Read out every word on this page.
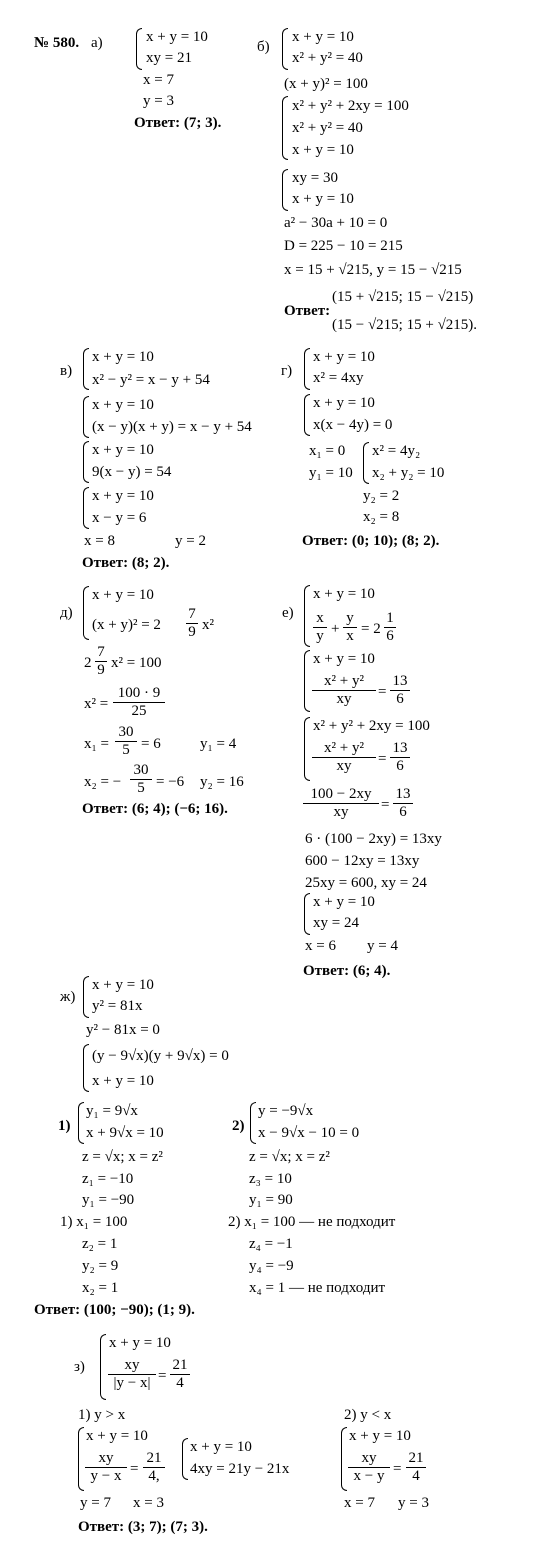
№ 580. а)	x + y = 10
xy = 21
x = 7
y = 3
Ответ: (7; 3).
б)
x + y = 10
x² + y² = 40
(x + y)² = 100
x² + y² + 2xy = 100
x² + y² = 40
x + y = 10
xy = 30
x + y = 10
a² − 30a + 10 = 0
D = 225 − 10 = 215
x = 15 + √215, y = 15 − √215
Ответ:
(15 + √215; 15 − √215)
(15 − √215; 15 + √215).
в)
x + y = 10
x² − y² = x − y + 54
x + y = 10
(x − y)(x + y) = x − y + 54
x + y = 10
9(x − y) = 54
x + y = 10
x − y = 6
x = 8	y = 2
Ответ: (8; 2).
г)
x + y = 10
x² = 4xy
x + y = 10
x(x − 4y) = 0
x₁ = 0
y₁ = 10
x² = 4y₂
x₂ + y₂ = 10
y₂ = 2
x₂ = 8
Ответ: (0; 10); (8; 2).
д)
x + y = 10
$(x + y)^2 = 2 \frac{7}{9} x^2$
$2 \frac{7}{9} x^2 = 100$
$x^2 = \frac{100 \cdot 9}{25}$
$x_1 = \frac{30}{5} = 6$	y₁ = 4
x₂ = − $\frac{30}{5} = -6$ y₂ = 16
Ответ: (6; 4); (−6; 16).
е)
x + y = 10
$\frac{x}{y} + \frac{y}{x} = 2 \frac{1}{6}$
x + y = 10
$\frac{\text{x² + y²}}{xy} = \frac{13}{6}$
x² + y² + 2xy = 100
$\frac{\text{x² + y²}}{xy} = \frac{13}{6}$
$\frac{100 - 2xy}{xy} = \frac{13}{6}$
6 · (100 − 2xy) = 13xy
600 − 12xy = 13xy
25xy = 600, xy = 24
x + y = 10
xy = 24
x = 6 y = 4
Ответ: (6; 4).
ж)
x + y = 10
y² = 81x
y² − 81x = 0
(y − 9√x)(y + 9√x) = 0
x + y = 10
1)
y₁ = 9√x
x + 9√x = 10
z = √x; x = z²
z₁ = −10
y₁ = −90
1) x₁ = 100
z₂ = 1
y₂ = 9
x₂ = 1
2)
y = −9√x
x − 9√x − 10 = 0
z = √x; x = z²
z₃ = 10
y₁ = 90
2) x₁ = 100 — не подходит
z₄ = −1
y₄ = −9
x₄ = 1 — не подходит
Ответ: (100; −90); (1; 9).
з)
x + y = 10
$\frac{xy}{|y - x|} = \frac{21}{4}$
1) y > x	2) y < x
x + y = 10
$\frac{xy}{y - x} = \frac{21}{4,}$
x + y = 10
4xy = 21y − 21x
x + y = 10
$\frac{xy}{x - y} = \frac{21}{4}$
y = 7 x = 3	x = 7 y = 3
Ответ: (3; 7); (7; 3).
